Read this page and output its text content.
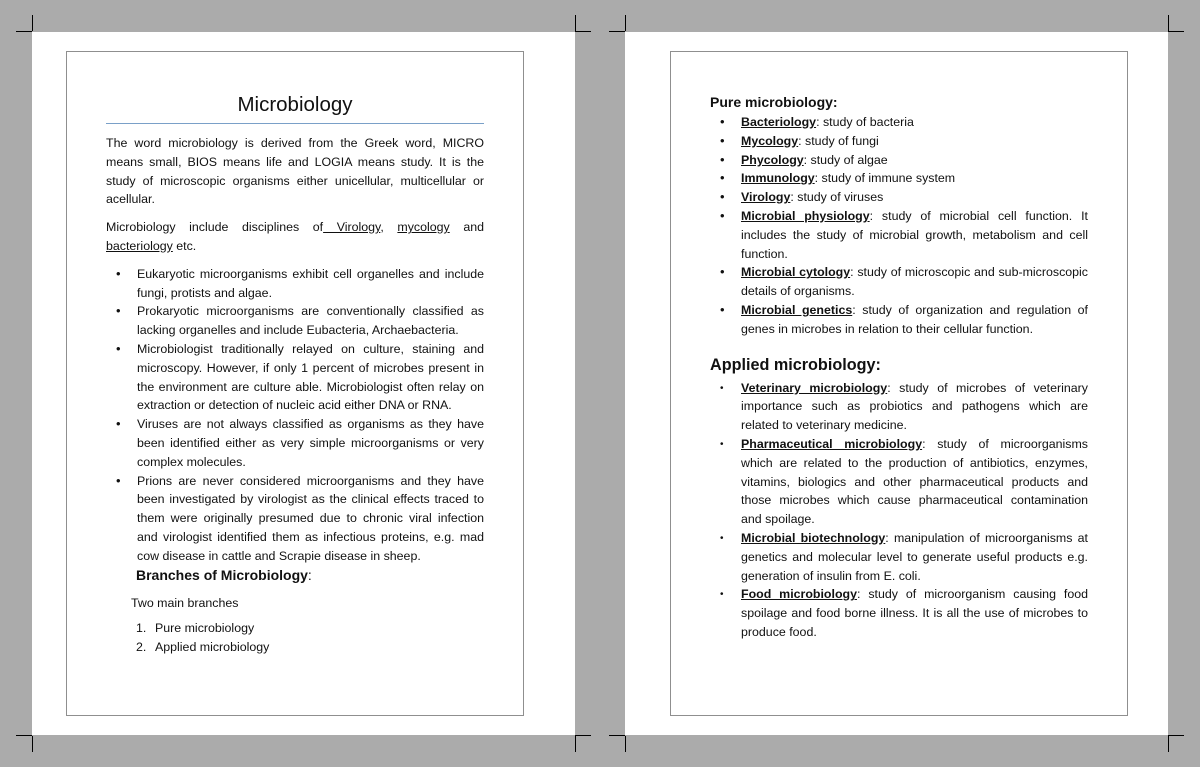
Microbiology

The word microbiology is derived from the Greek word, MICRO means small, BIOS means life and LOGIA means study. It is the study of microscopic organisms either unicellular, multicellular or acellular.

Microbiology include disciplines of Virology, mycology and bacteriology etc.

• Eukaryotic microorganisms exhibit cell organelles and include fungi, protists and algae.
• Prokaryotic microorganisms are conventionally classified as lacking organelles and include Eubacteria, Archaebacteria.
• Microbiologist traditionally relayed on culture, staining and microscopy. However, if only 1 percent of microbes present in the environment are culture able. Microbiologist often relay on extraction or detection of nucleic acid either DNA or RNA.
• Viruses are not always classified as organisms as they have been identified either as very simple microorganisms or very complex molecules.
• Prions are never considered microorganisms and they have been investigated by virologist as the clinical effects traced to them were originally presumed due to chronic viral infection and virologist identified them as infectious proteins, e.g. mad cow disease in cattle and Scrapie disease in sheep.
Branches of Microbiology:
Two main branches
1. Pure microbiology
2. Applied microbiology
Pure microbiology:
• Bacteriology: study of bacteria
• Mycology: study of fungi
• Phycology: study of algae
• Immunology: study of immune system
• Virology: study of viruses
• Microbial physiology: study of microbial cell function. It includes the study of microbial growth, metabolism and cell function.
• Microbial cytology: study of microscopic and sub-microscopic details of organisms.
• Microbial genetics: study of organization and regulation of genes in microbes in relation to their cellular function.
Applied microbiology:
• Veterinary microbiology: study of microbes of veterinary importance such as probiotics and pathogens which are related to veterinary medicine.
• Pharmaceutical microbiology: study of microorganisms which are related to the production of antibiotics, enzymes, vitamins, biologics and other pharmaceutical products and those microbes which cause pharmaceutical contamination and spoilage.
• Microbial biotechnology: manipulation of microorganisms at genetics and molecular level to generate useful products e.g. generation of insulin from E. coli.
• Food microbiology: study of microorganism causing food spoilage and food borne illness. It is all the use of microbes to produce food.
